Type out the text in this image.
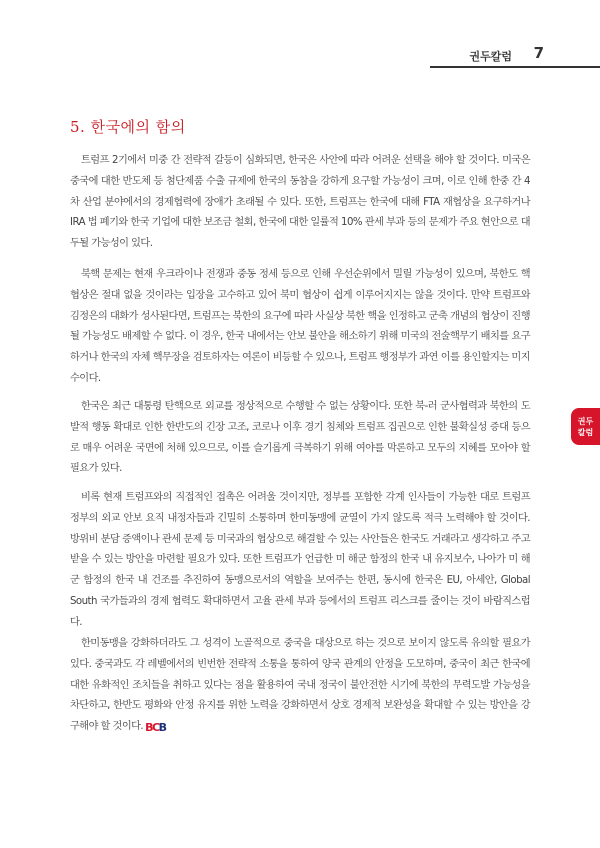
권두칼럼 7
권두
칼럼
5. 한국에의 함의

트럼프 2기에서 미중 간 전략적 갈등이 심화되면, 한국은 사안에 따라 어려운 선택을 해야 할 것이다. 미국은 중국에 대한 반도체 등 첨단제품 수출 규제에 한국의 동참을 강하게 요구할 가능성이 크며, 이로 인해 한중 간 4차 산업 분야에서의 경제협력에 장애가 초래될 수 있다. 또한, 트럼프는 한국에 대해 FTA 재협상을 요구하거나 IRA 법 폐기와 한국 기업에 대한 보조금 철회, 한국에 대한 일률적 10% 관세 부과 등의 문제가 주요 현안으로 대두될 가능성이 있다.

북핵 문제는 현재 우크라이나 전쟁과 중동 정세 등으로 인해 우선순위에서 밀릴 가능성이 있으며, 북한도 핵 협상은 절대 없을 것이라는 입장을 고수하고 있어 북미 협상이 쉽게 이루어지지는 않을 것이다. 만약 트럼프와 김정은의 대화가 성사된다면, 트럼프는 북한의 요구에 따라 사실상 북한 핵을 인정하고 군축 개념의 협상이 진행될 가능성도 배제할 수 없다. 이 경우, 한국 내에서는 안보 불안을 해소하기 위해 미국의 전술핵무기 배치를 요구하거나 한국의 자체 핵무장을 검토하자는 여론이 비등할 수 있으나, 트럼프 행정부가 과연 이를 용인할지는 미지수이다.

한국은 최근 대통령 탄핵으로 외교를 정상적으로 수행할 수 없는 상황이다. 또한 북-러 군사협력과 북한의 도발적 행동 확대로 인한 한반도의 긴장 고조, 코로나 이후 경기 침체와 트럼프 집권으로 인한 불확실성 증대 등으로 매우 어려운 국면에 처해 있으므로, 이를 슬기롭게 극복하기 위해 여야를 막론하고 모두의 지혜를 모아야 할 필요가 있다.

비록 현재 트럼프와의 직접적인 접촉은 어려울 것이지만, 정부를 포함한 각계 인사들이 가능한 대로 트럼프 정부의 외교 안보 요직 내정자들과 긴밀히 소통하며 한미동맹에 균열이 가지 않도록 적극 노력해야 할 것이다. 방위비 분담 증액이나 관세 문제 등 미국과의 협상으로 해결할 수 있는 사안들은 한국도 거래라고 생각하고 주고 받을 수 있는 방안을 마련할 필요가 있다. 또한 트럼프가 언급한 미 해군 함정의 한국 내 유지보수, 나아가 미 해군 함정의 한국 내 건조를 추진하여 동맹으로서의 역할을 보여주는 한편, 동시에 한국은 EU, 아세안, Global South 국가들과의 경제 협력도 확대하면서 고율 관세 부과 등에서의 트럼프 리스크를 줄이는 것이 바람직스럽다.

한미동맹을 강화하더라도 그 성격이 노골적으로 중국을 대상으로 하는 것으로 보이지 않도록 유의할 필요가 있다. 중국과도 각 레벨에서의 빈번한 전략적 소통을 통하여 양국 관계의 안정을 도모하며, 중국이 최근 한국에 대한 유화적인 조치들을 취하고 있다는 점을 활용하여 국내 정국이 불안전한 시기에 북한의 무력도발 가능성을 차단하고, 한반도 평화와 안정 유지를 위한 노력을 강화하면서 상호 경제적 보완성을 확대할 수 있는 방안을 강구해야 할 것이다. BCB
